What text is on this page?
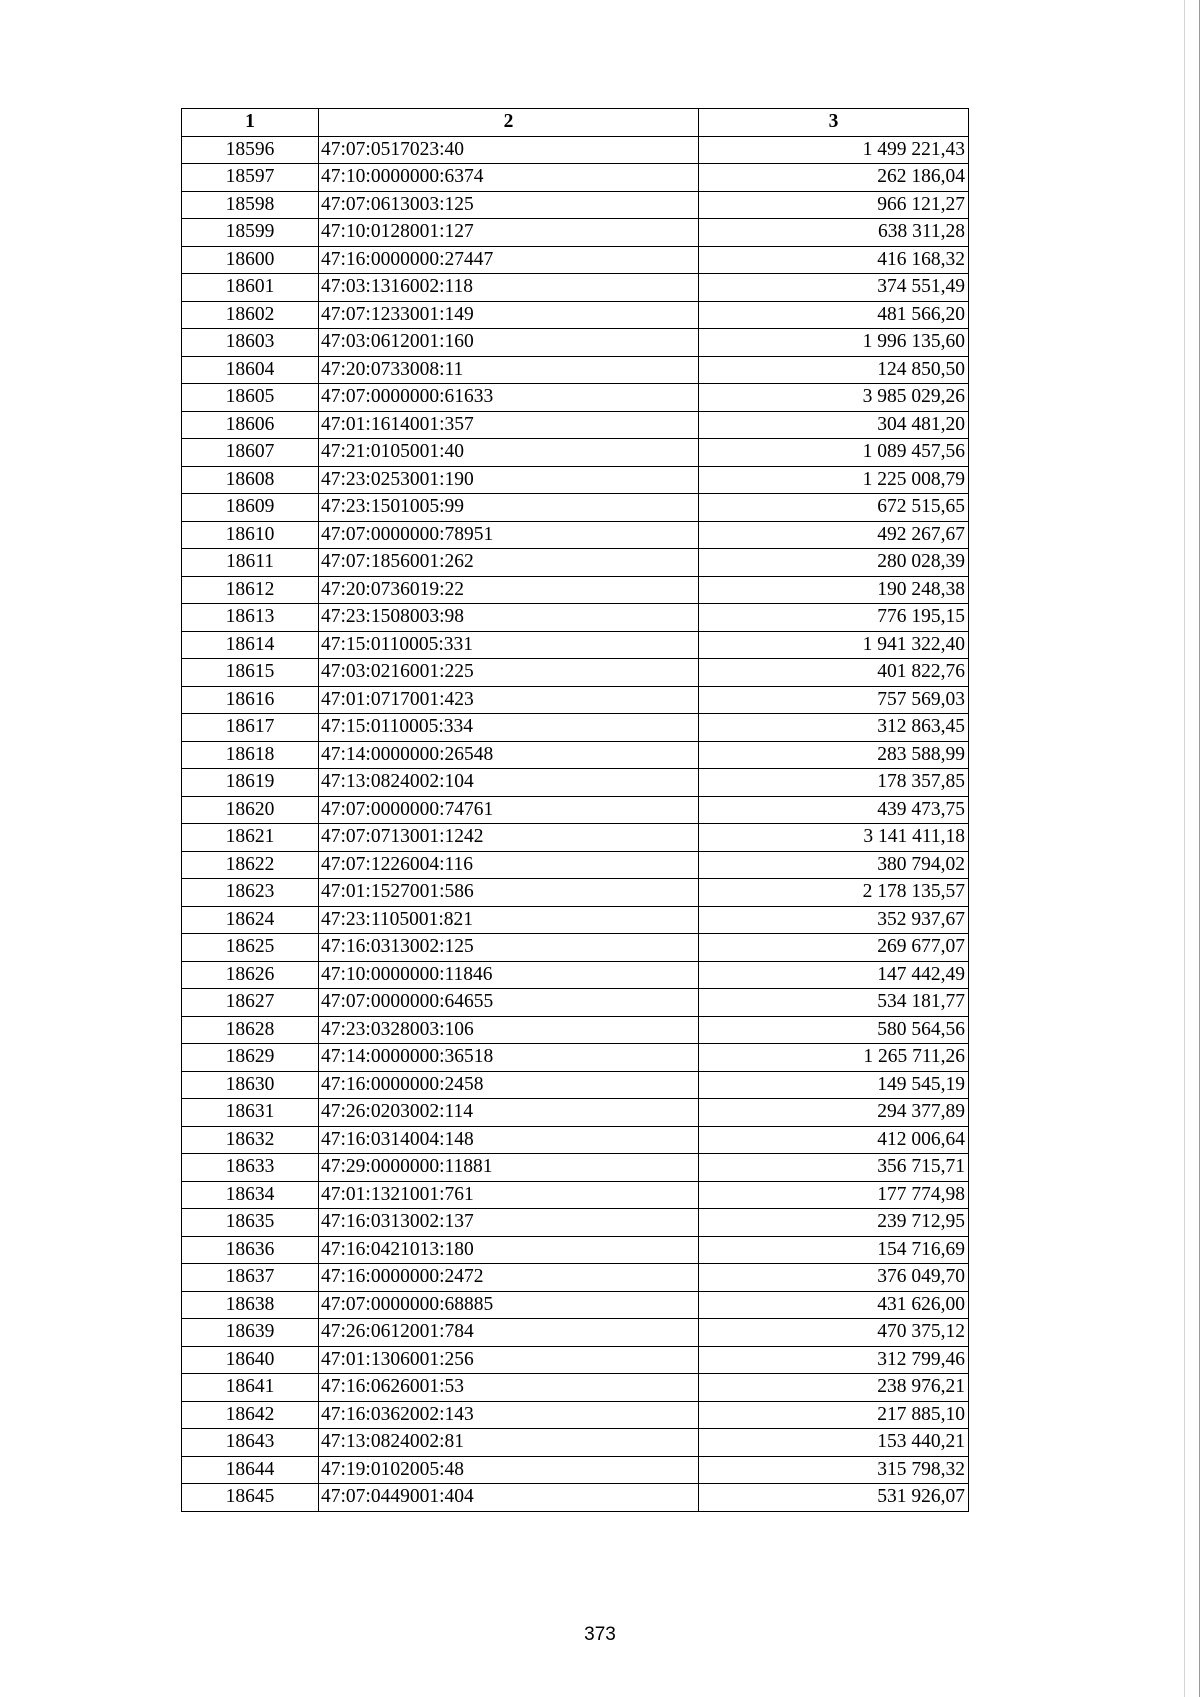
1	2	3
18596	47:07:0517023:40	1 499 221,43
18597	47:10:0000000:6374	262 186,04
18598	47:07:0613003:125	966 121,27
18599	47:10:0128001:127	638 311,28
18600	47:16:0000000:27447	416 168,32
18601	47:03:1316002:118	374 551,49
18602	47:07:1233001:149	481 566,20
18603	47:03:0612001:160	1 996 135,60
18604	47:20:0733008:11	124 850,50
18605	47:07:0000000:61633	3 985 029,26
18606	47:01:1614001:357	304 481,20
18607	47:21:0105001:40	1 089 457,56
18608	47:23:0253001:190	1 225 008,79
18609	47:23:1501005:99	672 515,65
18610	47:07:0000000:78951	492 267,67
18611	47:07:1856001:262	280 028,39
18612	47:20:0736019:22	190 248,38
18613	47:23:1508003:98	776 195,15
18614	47:15:0110005:331	1 941 322,40
18615	47:03:0216001:225	401 822,76
18616	47:01:0717001:423	757 569,03
18617	47:15:0110005:334	312 863,45
18618	47:14:0000000:26548	283 588,99
18619	47:13:0824002:104	178 357,85
18620	47:07:0000000:74761	439 473,75
18621	47:07:0713001:1242	3 141 411,18
18622	47:07:1226004:116	380 794,02
18623	47:01:1527001:586	2 178 135,57
18624	47:23:1105001:821	352 937,67
18625	47:16:0313002:125	269 677,07
18626	47:10:0000000:11846	147 442,49
18627	47:07:0000000:64655	534 181,77
18628	47:23:0328003:106	580 564,56
18629	47:14:0000000:36518	1 265 711,26
18630	47:16:0000000:2458	149 545,19
18631	47:26:0203002:114	294 377,89
18632	47:16:0314004:148	412 006,64
18633	47:29:0000000:11881	356 715,71
18634	47:01:1321001:761	177 774,98
18635	47:16:0313002:137	239 712,95
18636	47:16:0421013:180	154 716,69
18637	47:16:0000000:2472	376 049,70
18638	47:07:0000000:68885	431 626,00
18639	47:26:0612001:784	470 375,12
18640	47:01:1306001:256	312 799,46
18641	47:16:0626001:53	238 976,21
18642	47:16:0362002:143	217 885,10
18643	47:13:0824002:81	153 440,21
18644	47:19:0102005:48	315 798,32
18645	47:07:0449001:404	531 926,07
373
